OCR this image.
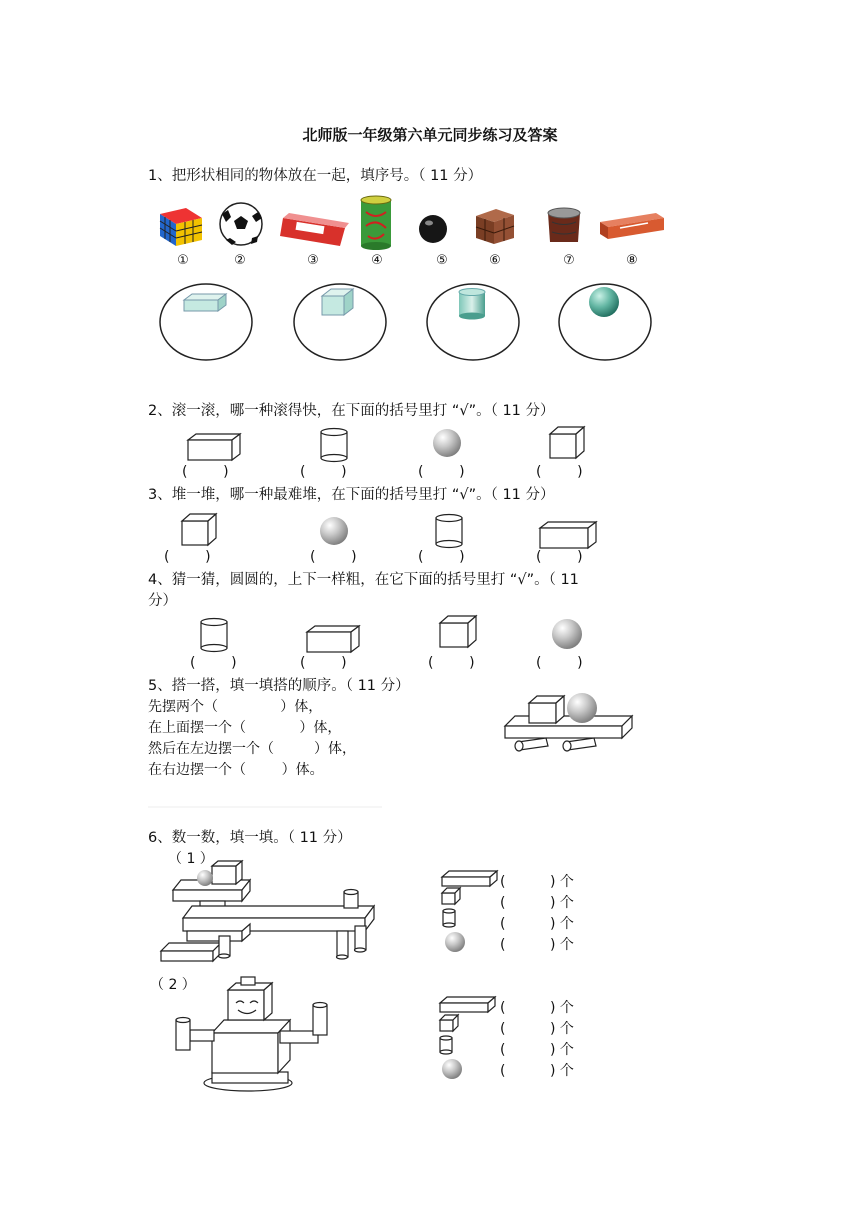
北师版一年级第六单元同步练习及答案
1、把形状相同的物体放在一起，填序号。（ 11 分）
①	②	③	④	⑤	⑥	⑦	⑧
2、滚一滚，哪一种滚得快，在下面的括号里打 “√”。（ 11 分）
(        )	(        )	(        )	(        )
3、堆一堆，哪一种最难堆，在下面的括号里打 “√”。（ 11 分）
(        )	(        )	(        )	(        )
4、猜一猜，圆圆的，上下一样粗，在它下面的括号里打 “√”。（ 11
分）
(        )	(        )	(        )	(        )
5、搭一搭，填一填搭的顺序。（ 11 分）
先摆两个（              ）体，
在上面摆一个（            ）体，
然后在左边摆一个（         ）体，
在右边摆一个（        ）体。
6、数一数，填一填。（ 11 分）
（ 1 ）
（ 2 ）
(          ) 个
(          ) 个
(          ) 个
(          ) 个
(          ) 个
(          ) 个
(          ) 个
(          ) 个
